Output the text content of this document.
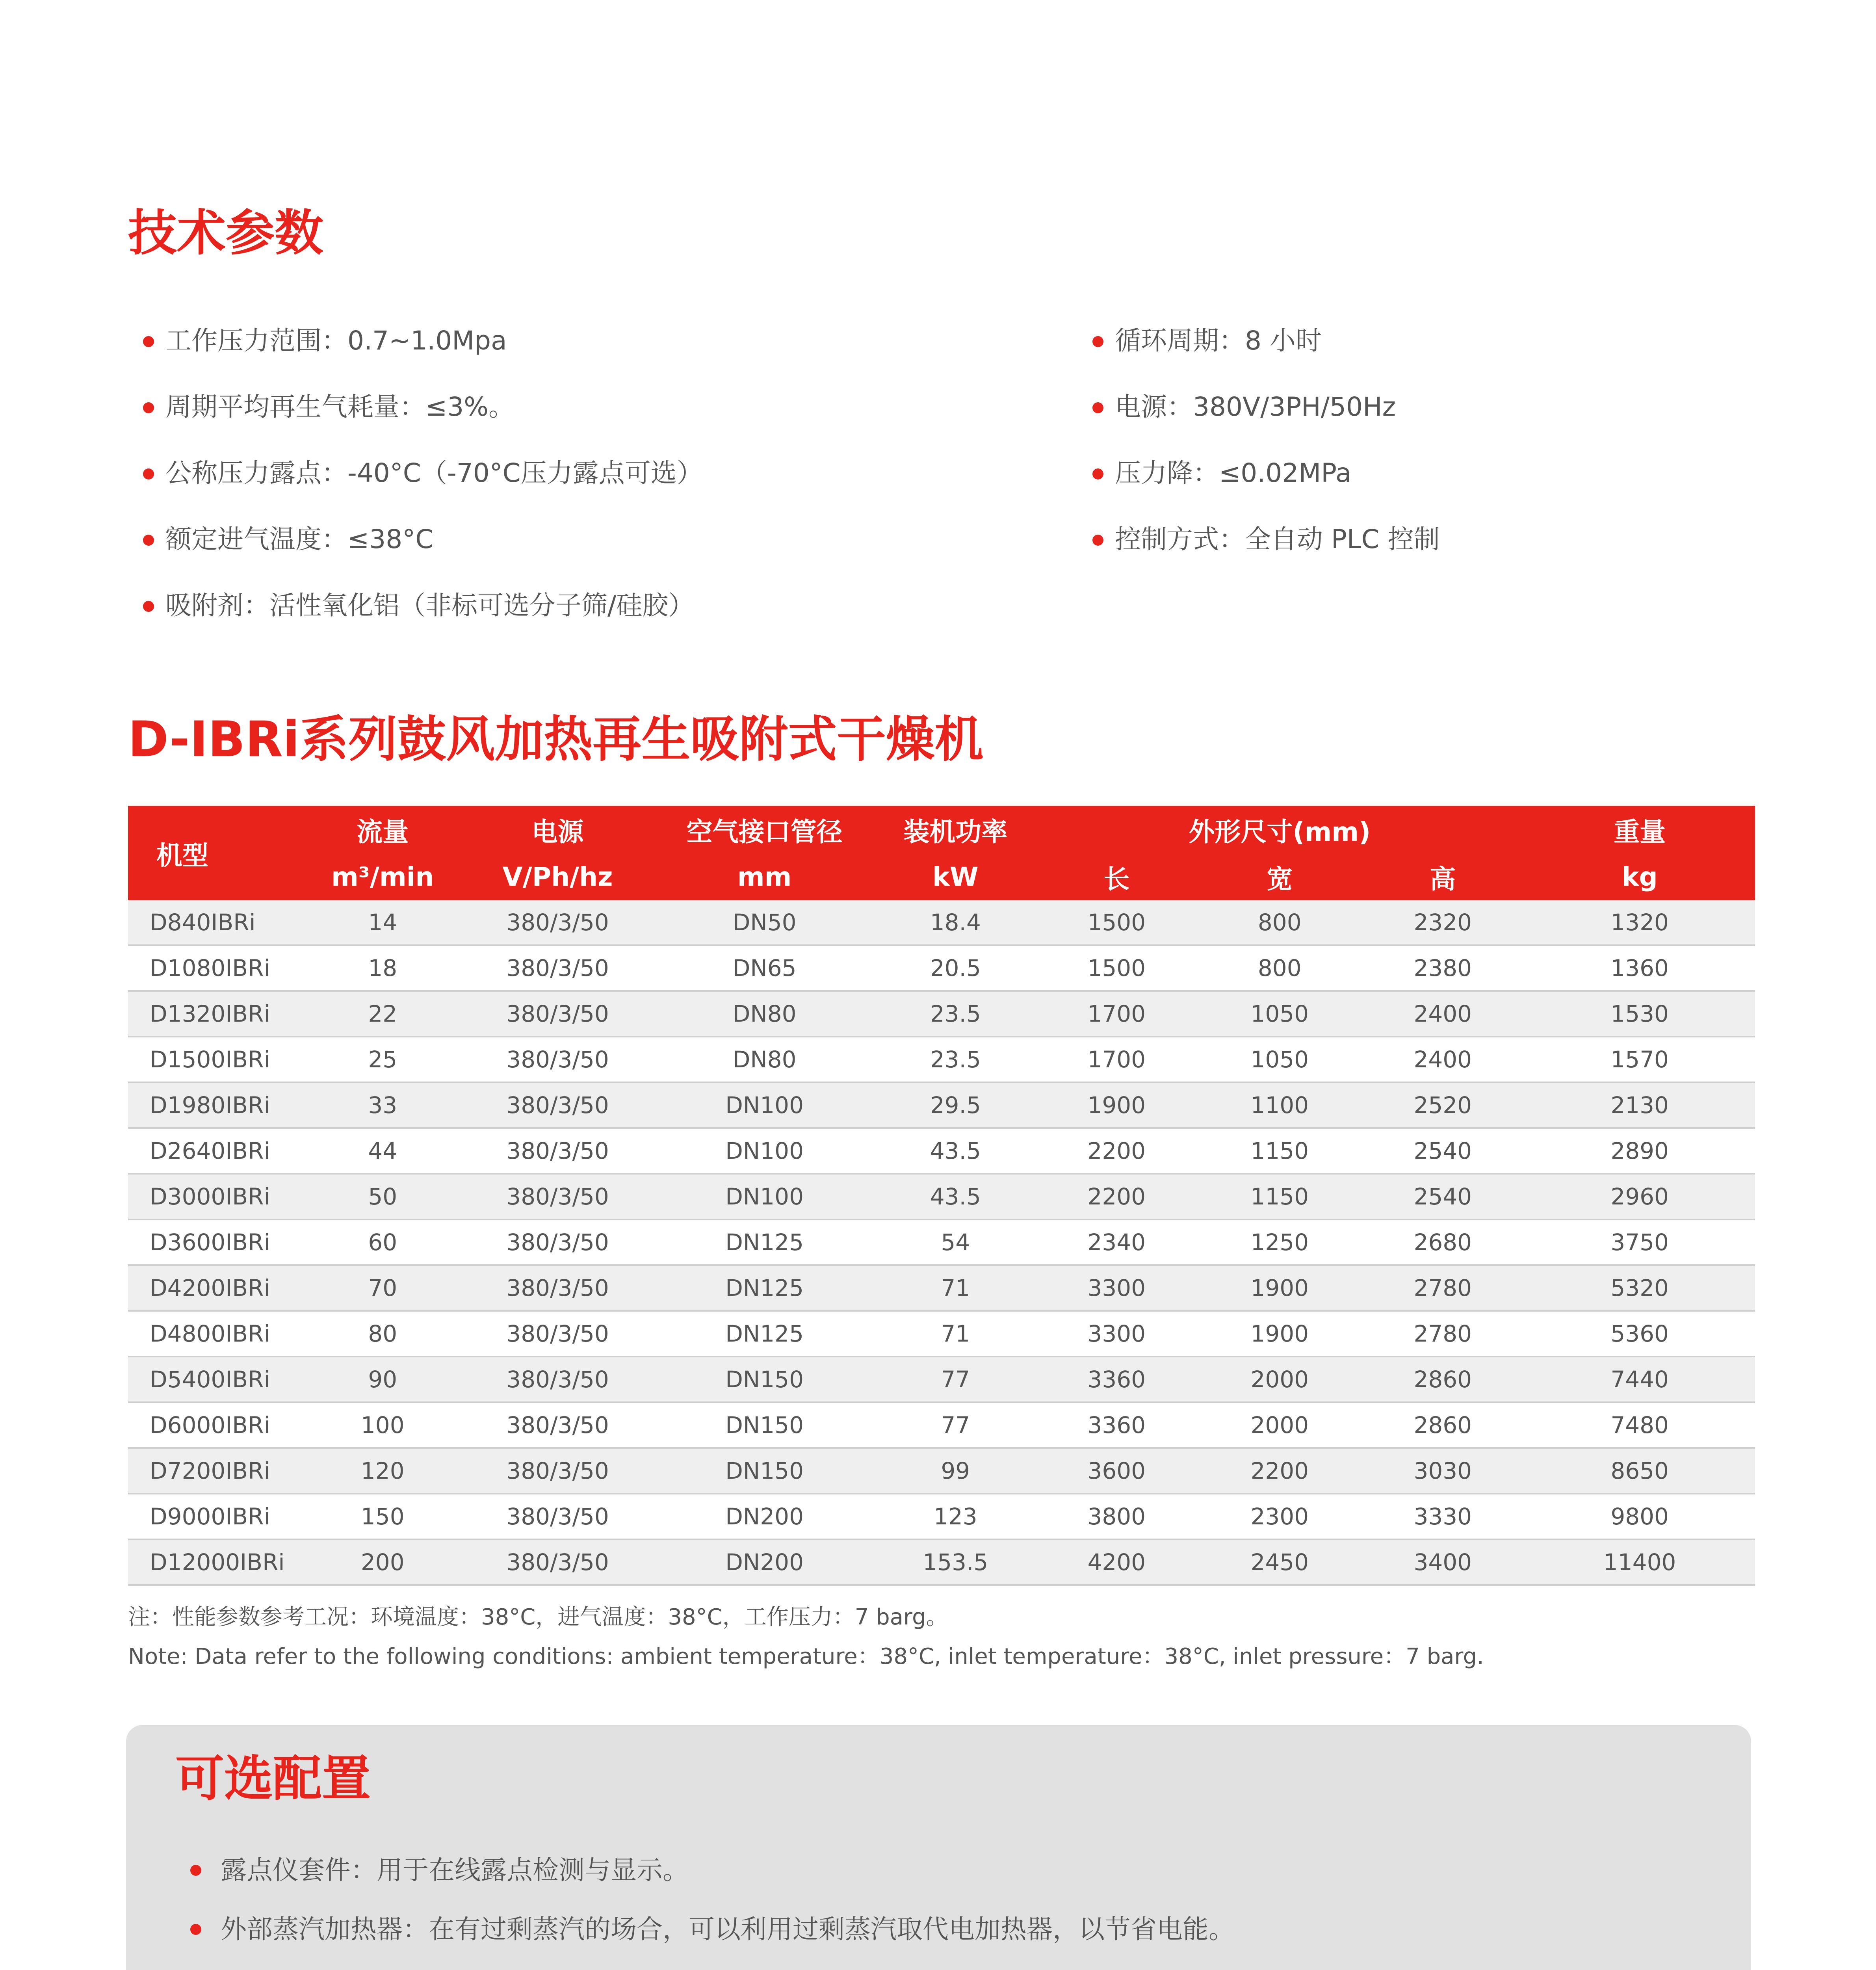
技术参数
工作压力范围：0.7~1.0Mpa
周期平均再生气耗量：≤3%。
公称压力露点：-40°C（-70°C压力露点可选）
额定进气温度：≤38°C
吸附剂：活性氧化铝（非标可选分子筛/硅胶）
循环周期：8 小时
电源：380V/3PH/50Hz
压力降：≤0.02MPa
控制方式：全自动 PLC 控制
D-IBRi系列鼓风加热再生吸附式干燥机
机型	流量	电源	空气接口管径	装机功率	外形尺寸(mm)			重量
	m³/min	V/Ph/hz	mm	kW	长	宽	高	kg
D840IBRi	14	380/3/50	DN50	18.4	1500	800	2320	1320
D1080IBRi	18	380/3/50	DN65	20.5	1500	800	2380	1360
D1320IBRi	22	380/3/50	DN80	23.5	1700	1050	2400	1530
D1500IBRi	25	380/3/50	DN80	23.5	1700	1050	2400	1570
D1980IBRi	33	380/3/50	DN100	29.5	1900	1100	2520	2130
D2640IBRi	44	380/3/50	DN100	43.5	2200	1150	2540	2890
D3000IBRi	50	380/3/50	DN100	43.5	2200	1150	2540	2960
D3600IBRi	60	380/3/50	DN125	54	2340	1250	2680	3750
D4200IBRi	70	380/3/50	DN125	71	3300	1900	2780	5320
D4800IBRi	80	380/3/50	DN125	71	3300	1900	2780	5360
D5400IBRi	90	380/3/50	DN150	77	3360	2000	2860	7440
D6000IBRi	100	380/3/50	DN150	77	3360	2000	2860	7480
D7200IBRi	120	380/3/50	DN150	99	3600	2200	3030	8650
D9000IBRi	150	380/3/50	DN200	123	3800	2300	3330	9800
D12000IBRi	200	380/3/50	DN200	153.5	4200	2450	3400	11400
注：性能参数参考工况：环境温度：38°C，进气温度：38°C，工作压力：7 barg。
Note: Data refer to the following conditions: ambient temperature：38°C, inlet temperature：38°C, inlet pressure：7 barg.
可选配置
露点仪套件：用于在线露点检测与显示。
外部蒸汽加热器：在有过剩蒸汽的场合，可以利用过剩蒸汽取代电加热器，以节省电能。
